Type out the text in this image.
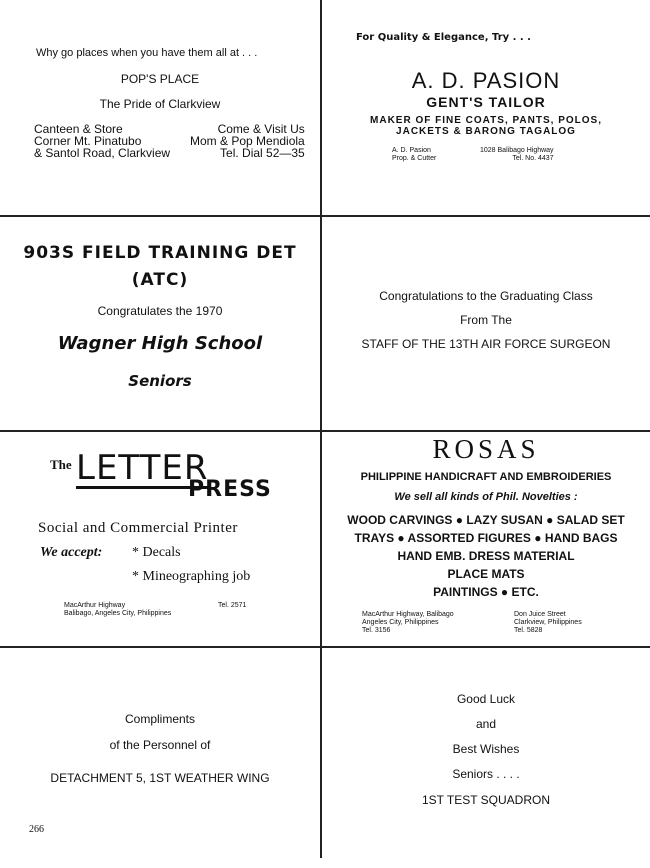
Why go places when you have them all at . . .
POP'S PLACE
The Pride of Clarkview
Canteen & Store
Corner Mt. Pinatubo
& Santol Road, Clarkview
Come & Visit Us
Mom & Pop Mendiola
Tel. Dial 52—35
For Quality & Elegance, Try . . .
A. D. PASION
GENT'S TAILOR
MAKER OF FINE COATS, PANTS, POLOS,
JACKETS & BARONG TAGALOG
A. D. Pasion
Prop. & Cutter
1028 Balibago Highway
Tel. No. 4437
903S FIELD TRAINING DET
(ATC)
Congratulates the 1970
Wagner High School
Seniors
Congratulations to the Graduating Class
From The
STAFF OF THE 13TH AIR FORCE SURGEON
The LETTER
PRESS
Social and Commercial Printer
We accept: * Decals
* Mineographing job
MacArthur Highway
Balibago, Angeles City, Philippines
Tel. 2571
ROSAS
PHILIPPINE HANDICRAFT AND EMBROIDERIES
We sell all kinds of Phil. Novelties :
WOOD CARVINGS ● LAZY SUSAN ● SALAD SET
TRAYS ● ASSORTED FIGURES ● HAND BAGS
HAND EMB. DRESS MATERIAL
PLACE MATS
PAINTINGS ● ETC.
MacArthur Highway, Balibago
Angeles City, Philippines
Tel. 3156
Don Juice Street
Clarkview, Philippines
Tel. 5828
Compliments
of the Personnel of
DETACHMENT 5, 1ST WEATHER WING
Good Luck
and
Best Wishes
Seniors . . . .
1ST TEST SQUADRON
266
